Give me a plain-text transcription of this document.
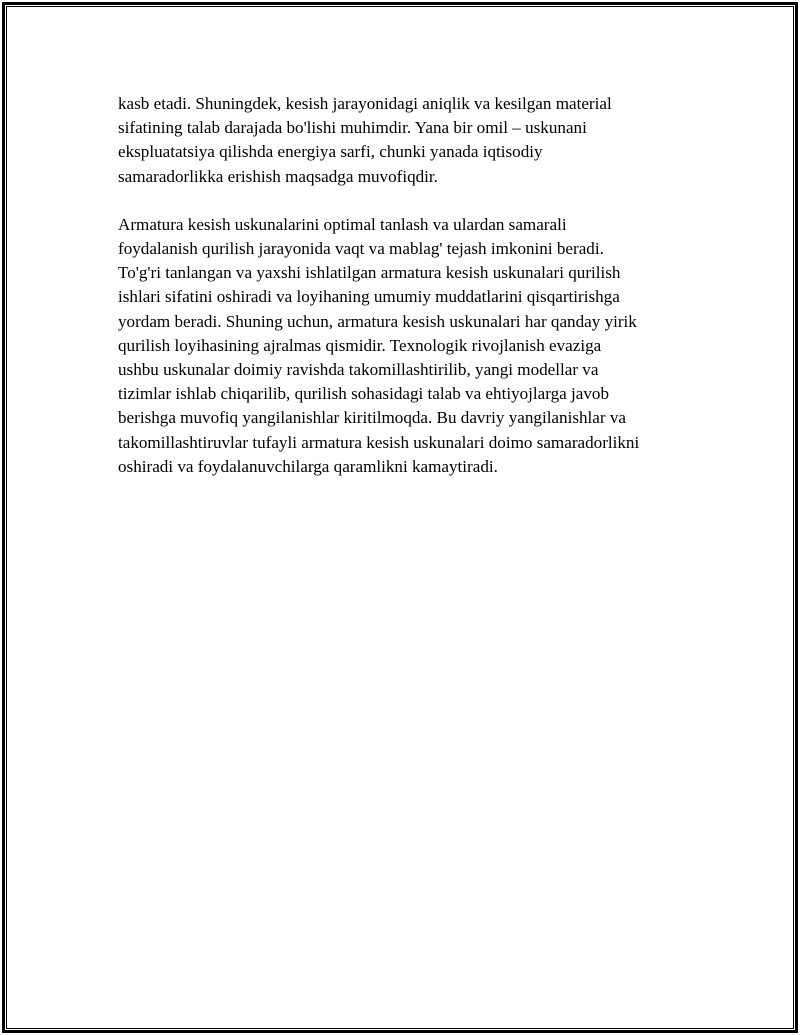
kasb etadi. Shuningdek, kesish jarayonidagi aniqlik va kesilgan material
sifatining talab darajada bo'lishi muhimdir. Yana bir omil – uskunani
ekspluatatsiya qilishda energiya sarfi, chunki yanada iqtisodiy
samaradorlikka erishish maqsadga muvofiqdir.

Armatura kesish uskunalarini optimal tanlash va ulardan samarali
foydalanish qurilish jarayonida vaqt va mablag' tejash imkonini beradi.
To'g'ri tanlangan va yaxshi ishlatilgan armatura kesish uskunalari qurilish
ishlari sifatini oshiradi va loyihaning umumiy muddatlarini qisqartirishga
yordam beradi. Shuning uchun, armatura kesish uskunalari har qanday yirik
qurilish loyihasining ajralmas qismidir. Texnologik rivojlanish evaziga
ushbu uskunalar doimiy ravishda takomillashtirilib, yangi modellar va
tizimlar ishlab chiqarilib, qurilish sohasidagi talab va ehtiyojlarga javob
berishga muvofiq yangilanishlar kiritilmoqda. Bu davriy yangilanishlar va
takomillashtiruvlar tufayli armatura kesish uskunalari doimo samaradorlikni
oshiradi va foydalanuvchilarga qaramlikni kamaytiradi.
